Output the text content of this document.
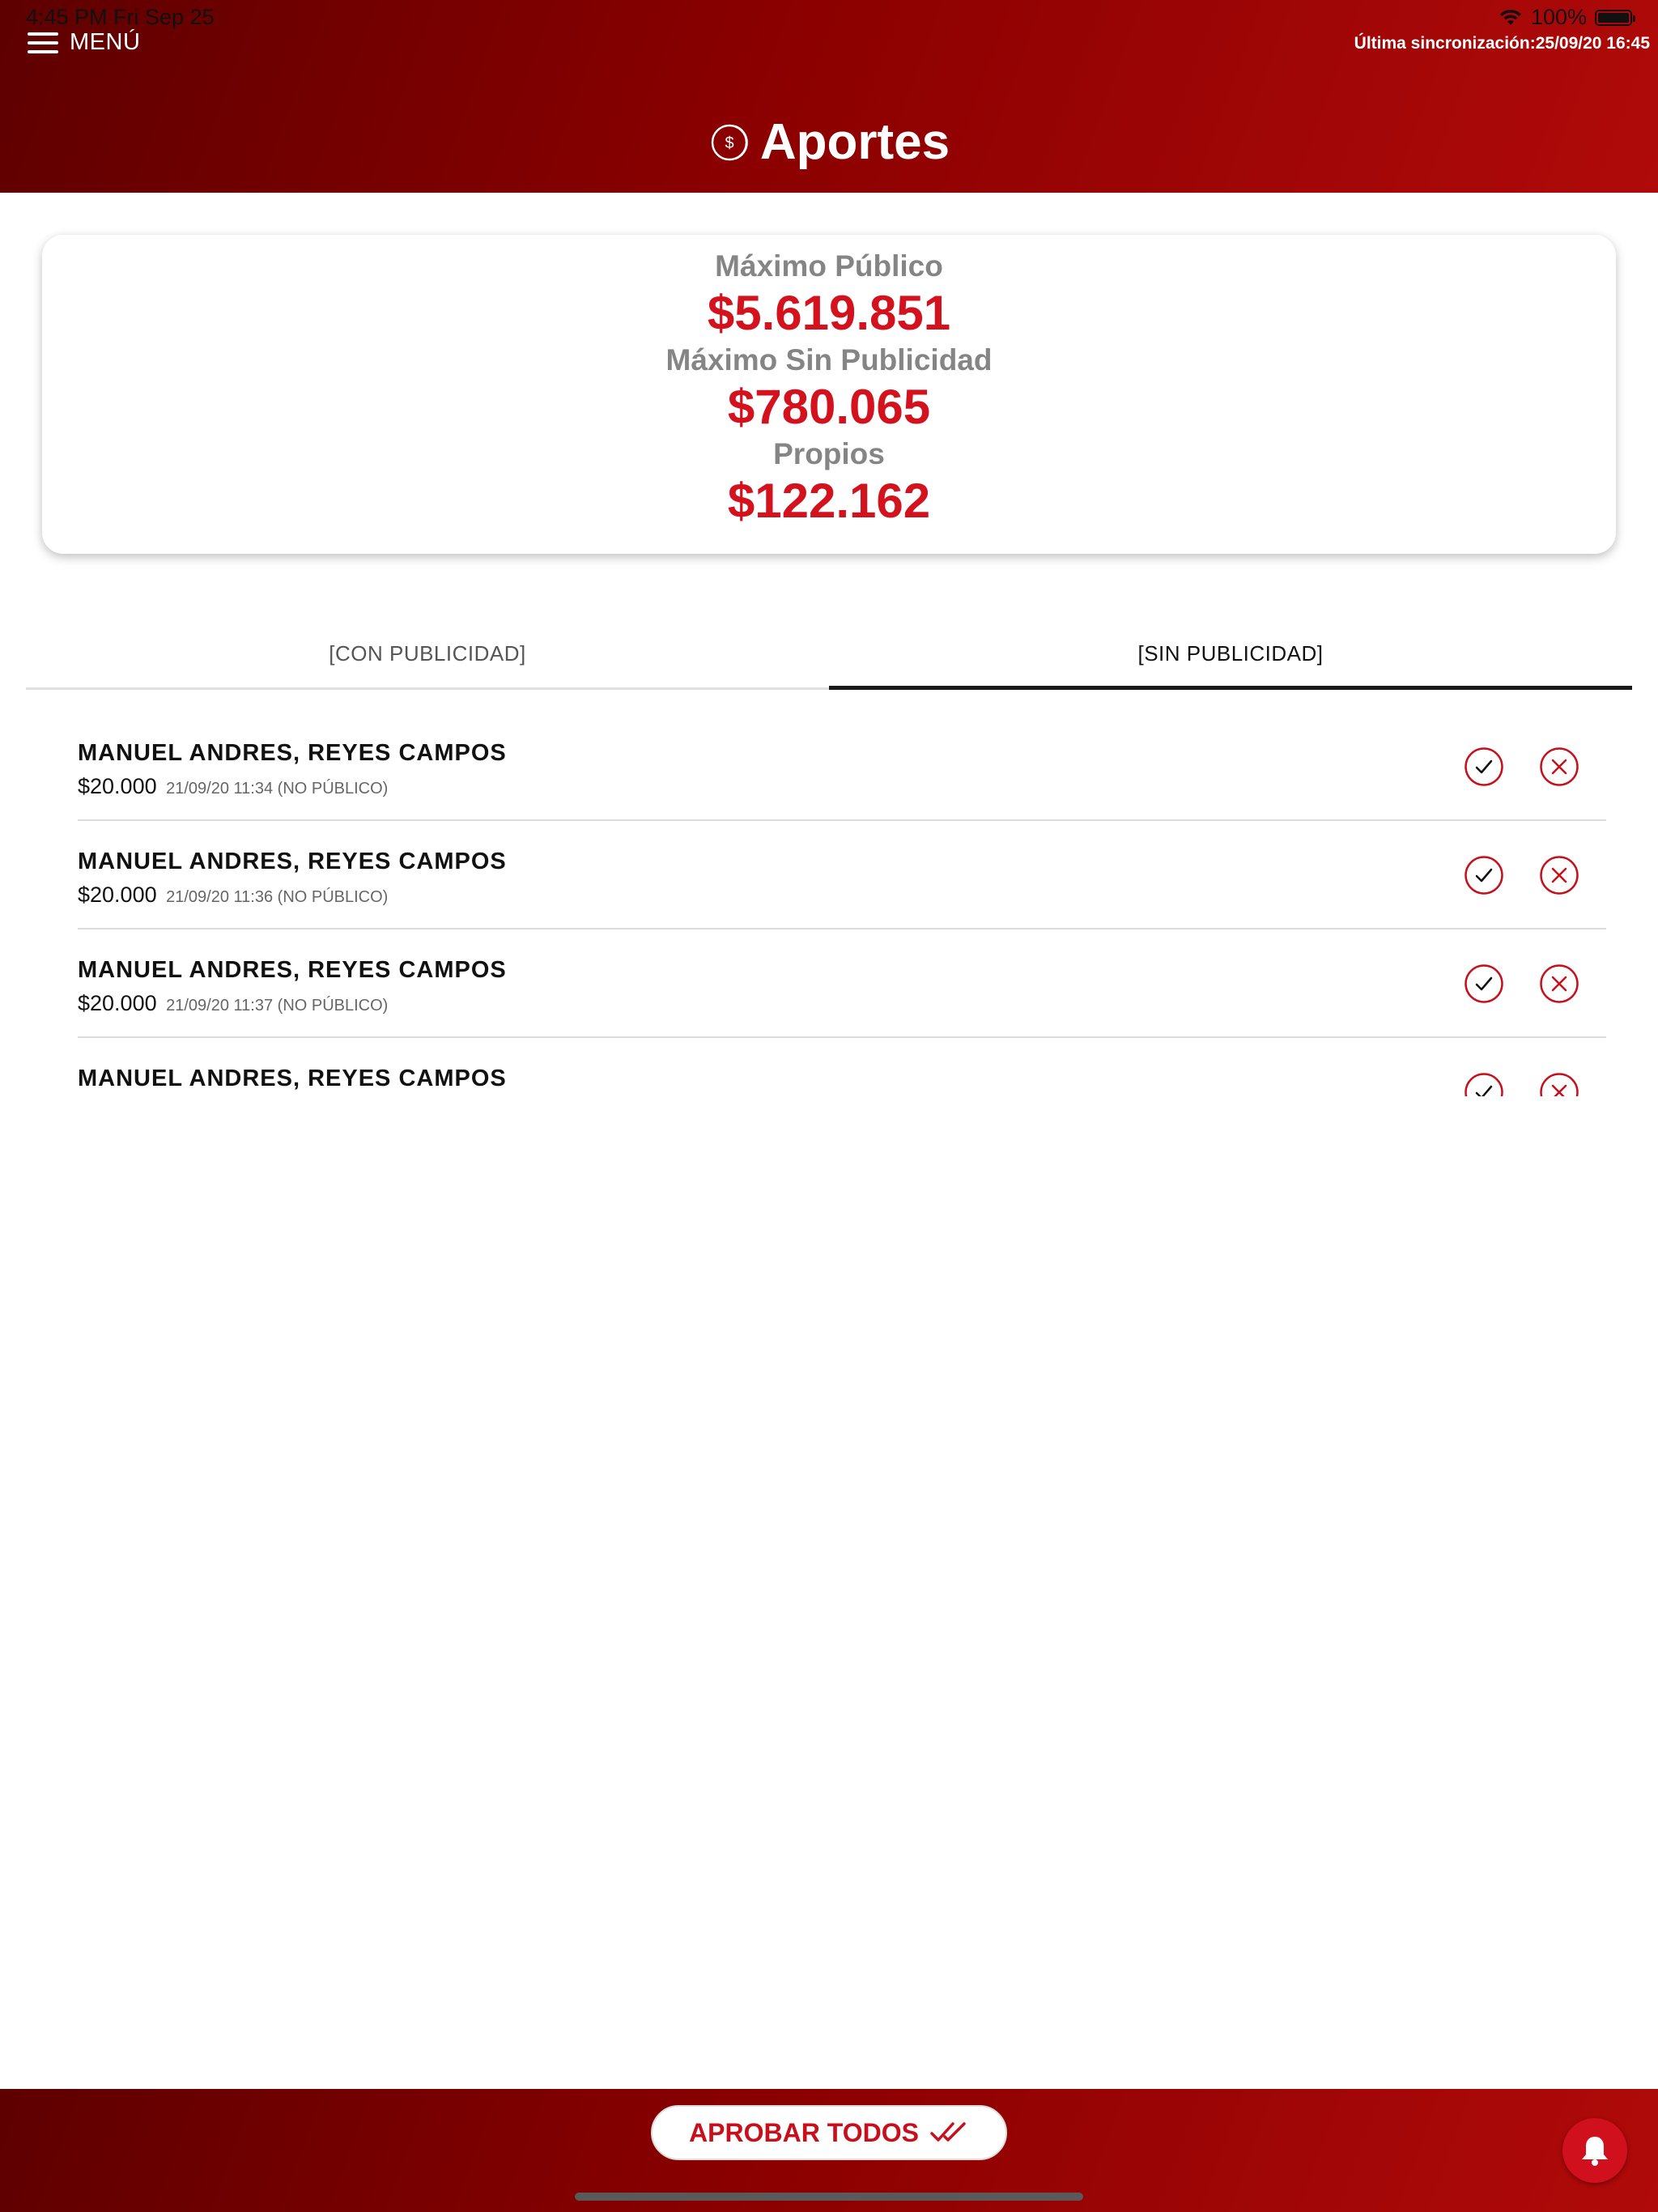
4:45 PM Fri Sep 25	100%
MENÚ	Última sincronización:25/09/20 16:45
$ Aportes
Máximo Público
$5.619.851
Máximo Sin Publicidad
$780.065
Propios
$122.162
[CON PUBLICIDAD]	[SIN PUBLICIDAD]
MANUEL ANDRES, REYES CAMPOS
$20.000 21/09/20 11:34 (NO PÚBLICO)
MANUEL ANDRES, REYES CAMPOS
$20.000 21/09/20 11:36 (NO PÚBLICO)
MANUEL ANDRES, REYES CAMPOS
$20.000 21/09/20 11:37 (NO PÚBLICO)
MANUEL ANDRES, REYES CAMPOS
APROBAR TODOS
